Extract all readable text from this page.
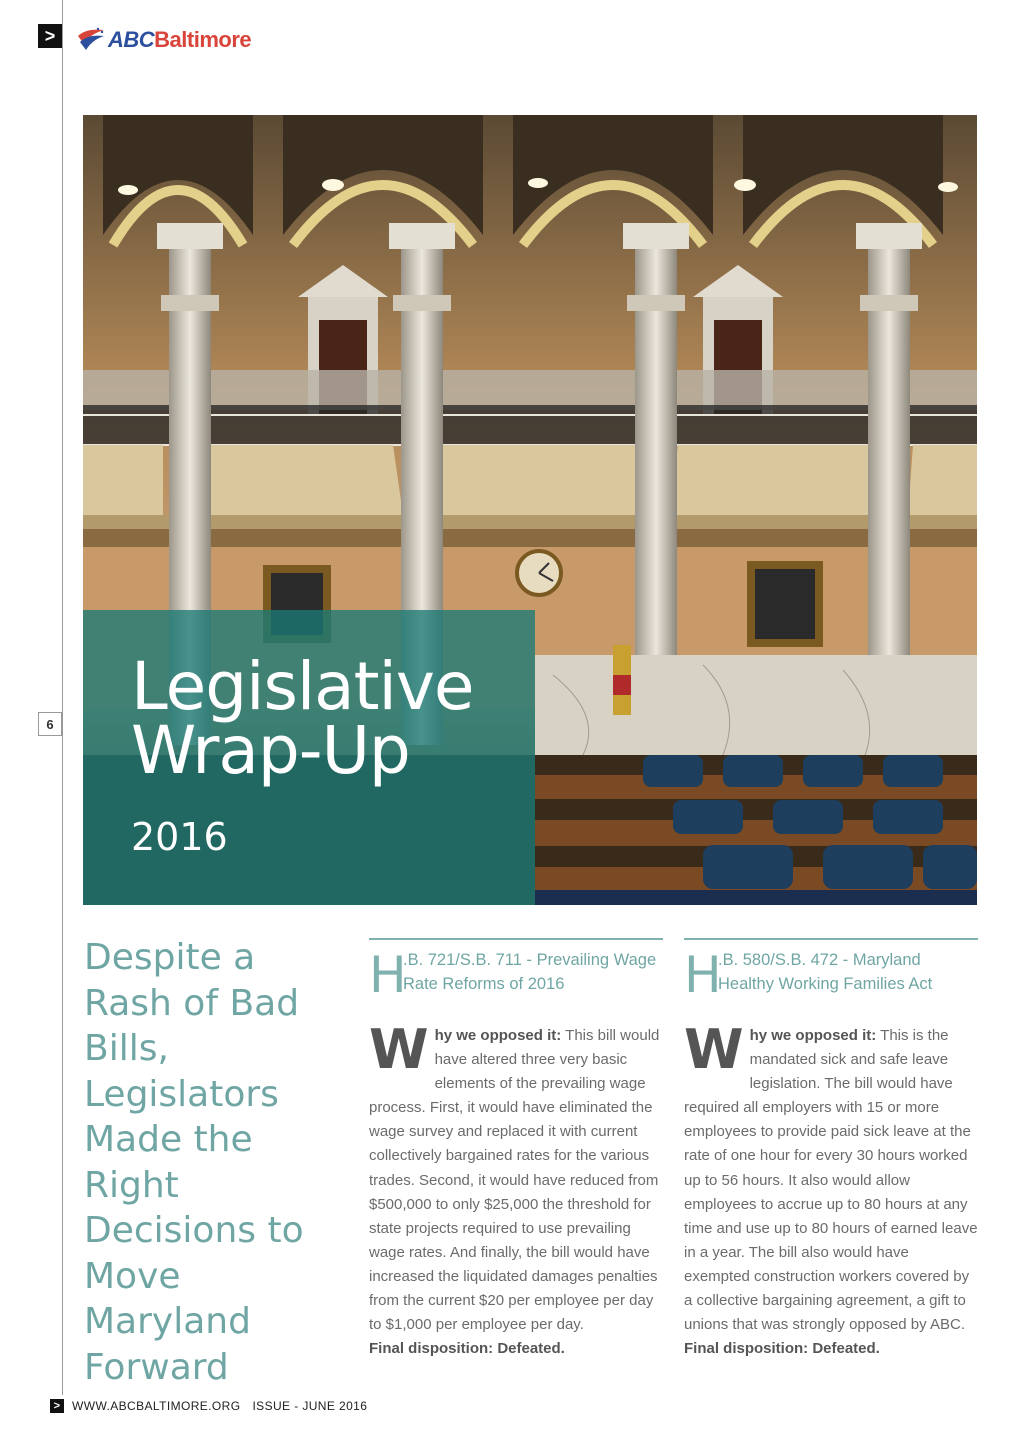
>	ABCBaltimore
6 Legislative
Wrap-Up
2016
Despite a Rash of Bad Bills, Legislators Made the Right Decisions to Move Maryland Forward
H
.B. 721/S.B. 711 - Prevailing Wage Rate Reforms of 2016
Why we opposed it: This bill would have altered three very basic elements of the prevailing wage process. First, it would have eliminated the wage survey and replaced it with current collectively bargained rates for the various trades. Second, it would have reduced from $500,000 to only $25,000 the threshold for state projects required to use prevailing wage rates. And finally, the bill would have increased the liquidated damages penalties from the current $20 per employee per day to $1,000 per employee per day.
Final disposition: Defeated.
H
.B. 580/S.B. 472 - Maryland Healthy Working Families Act
Why we opposed it: This is the mandated sick and safe leave legislation. The bill would have required all employers with 15 or more employees to provide paid sick leave at the rate of one hour for every 30 hours worked up to 56 hours. It also would allow employees to accrue up to 80 hours at any time and use up to 80 hours of earned leave in a year. The bill also would have exempted construction workers covered by a collective bargaining agreement, a gift to unions that was strongly opposed by ABC.
Final disposition: Defeated.
> WWW.ABCBALTIMORE.ORG ISSUE - JUNE 2016
